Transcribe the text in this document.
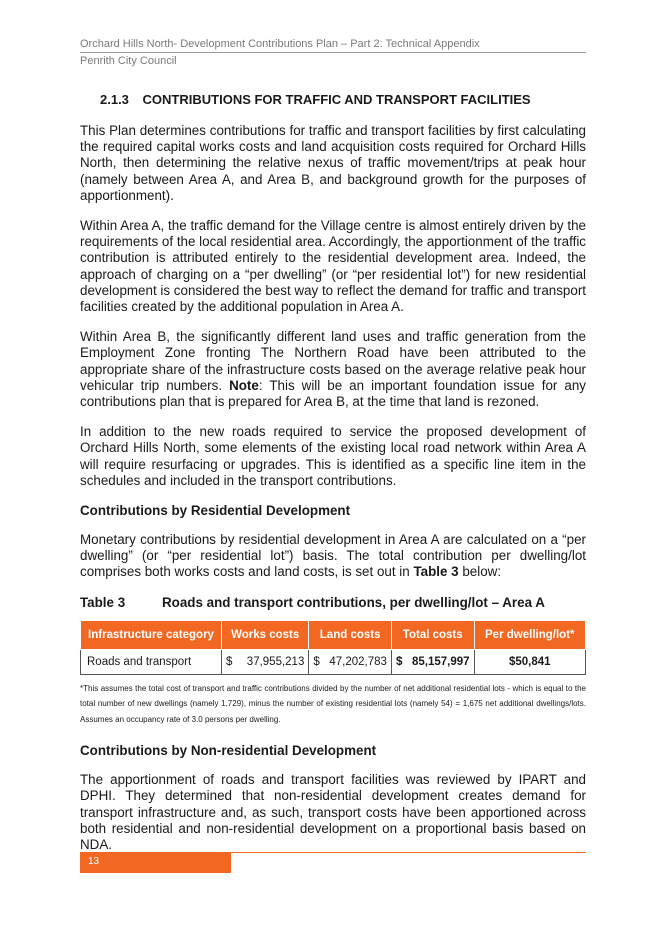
Orchard Hills North- Development Contributions Plan – Part 2: Technical Appendix
Penrith City Council
2.1.3 CONTRIBUTIONS FOR TRAFFIC AND TRANSPORT FACILITIES

This Plan determines contributions for traffic and transport facilities by first calculating the required capital works costs and land acquisition costs required for Orchard Hills North, then determining the relative nexus of traffic movement/trips at peak hour (namely between Area A, and Area B, and background growth for the purposes of apportionment).

Within Area A, the traffic demand for the Village centre is almost entirely driven by the requirements of the local residential area. Accordingly, the apportionment of the traffic contribution is attributed entirely to the residential development area. Indeed, the approach of charging on a “per dwelling” (or “per residential lot”) for new residential development is considered the best way to reflect the demand for traffic and transport facilities created by the additional population in Area A.

Within Area B, the significantly different land uses and traffic generation from the Employment Zone fronting The Northern Road have been attributed to the appropriate share of the infrastructure costs based on the average relative peak hour vehicular trip numbers. Note: This will be an important foundation issue for any contributions plan that is prepared for Area B, at the time that land is rezoned.

In addition to the new roads required to service the proposed development of Orchard Hills North, some elements of the existing local road network within Area A will require resurfacing or upgrades. This is identified as a specific line item in the schedules and included in the transport contributions.

Contributions by Residential Development

Monetary contributions by residential development in Area A are calculated on a “per dwelling” (or “per residential lot”) basis. The total contribution per dwelling/lot comprises both works costs and land costs, is set out in Table 3 below:

Table 3	Roads and transport contributions, per dwelling/lot – Area A
Infrastructure category	Works costs	Land costs	Total costs	Per dwelling/lot*
Roads and transport	$ 37,955,213	$ 47,202,783	$ 85,157,997	$50,841
*This assumes the total cost of transport and traffic contributions divided by the number of net additional residential lots - which is equal to the total number of new dwellings (namely 1,729), minus the number of existing residential lots (namely 54) = 1,675 net additional dwellings/lots. Assumes an occupancy rate of 3.0 persons per dwelling.
Contributions by Non-residential Development

The apportionment of roads and transport facilities was reviewed by IPART and DPHI. They determined that non-residential development creates demand for transport infrastructure and, as such, transport costs have been apportioned across both residential and non-residential development on a proportional basis based on NDA.

13
